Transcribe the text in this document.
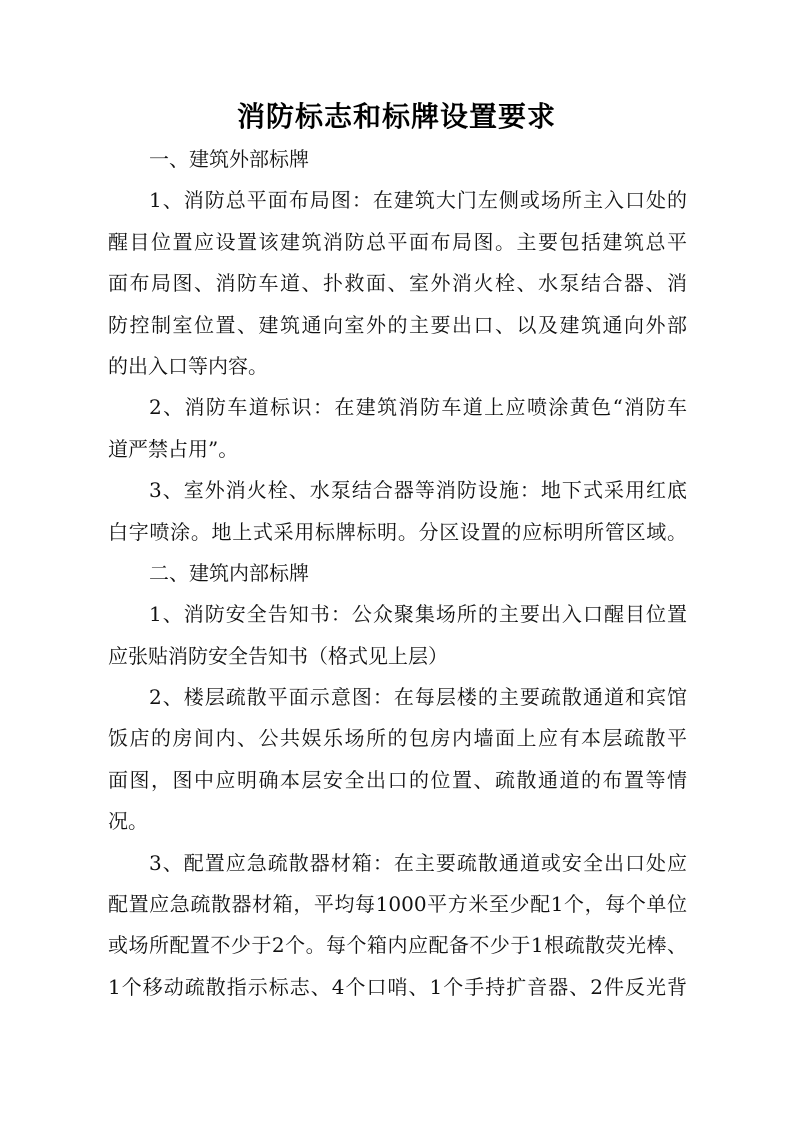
消防标志和标牌设置要求
一、建筑外部标牌
1、消防总平面布局图：在建筑大门左侧或场所主入口处的
醒目位置应设置该建筑消防总平面布局图。主要包括建筑总平
面布局图、消防车道、扑救面、室外消火栓、水泵结合器、消
防控制室位置、建筑通向室外的主要出口、以及建筑通向外部
的出入口等内容。
2、消防车道标识：在建筑消防车道上应喷涂黄色“消防车
道严禁占用”。
3、室外消火栓、水泵结合器等消防设施：地下式采用红底
白字喷涂。地上式采用标牌标明。分区设置的应标明所管区域。
二、建筑内部标牌
1、消防安全告知书：公众聚集场所的主要出入口醒目位置
应张贴消防安全告知书（格式见上层）
2、楼层疏散平面示意图：在每层楼的主要疏散通道和宾馆
饭店的房间内、公共娱乐场所的包房内墙面上应有本层疏散平
面图，图中应明确本层安全出口的位置、疏散通道的布置等情
况。
3、配置应急疏散器材箱：在主要疏散通道或安全出口处应
配置应急疏散器材箱，平均每1000平方米至少配1个，每个单位
或场所配置不少于2个。每个箱内应配备不少于1根疏散荧光棒、
1个移动疏散指示标志、4个口哨、1个手持扩音器、2件反光背
